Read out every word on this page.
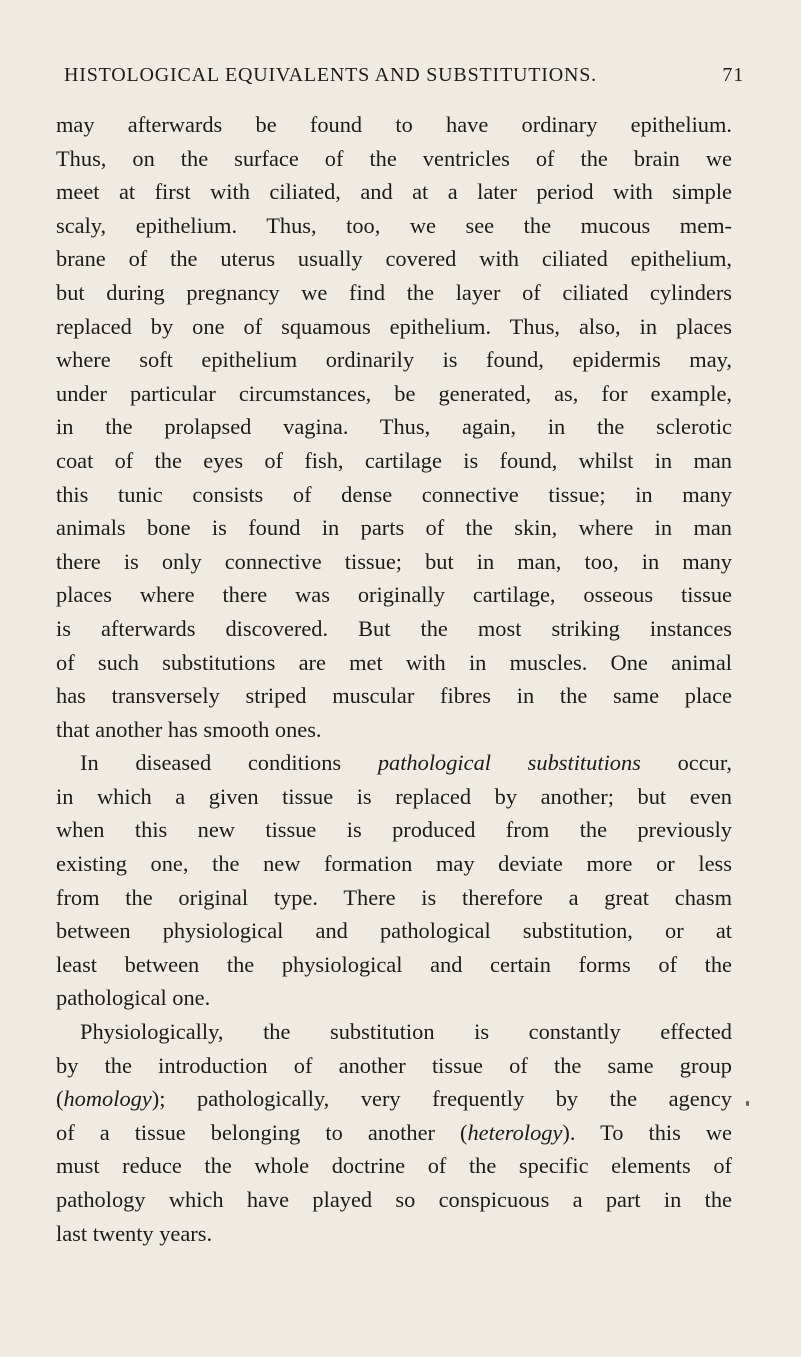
HISTOLOGICAL EQUIVALENTS AND SUBSTITUTIONS.	71
may afterwards be found to have ordinary epithelium.
Thus, on the surface of the ventricles of the brain we
meet at first with ciliated, and at a later period with simple
scaly, epithelium. Thus, too, we see the mucous mem-
brane of the uterus usually covered with ciliated epithelium,
but during pregnancy we find the layer of ciliated cylinders
replaced by one of squamous epithelium. Thus, also, in places
where soft epithelium ordinarily is found, epidermis may,
under particular circumstances, be generated, as, for example,
in the prolapsed vagina. Thus, again, in the sclerotic
coat of the eyes of fish, cartilage is found, whilst in man
this tunic consists of dense connective tissue; in many
animals bone is found in parts of the skin, where in man
there is only connective tissue; but in man, too, in many
places where there was originally cartilage, osseous tissue
is afterwards discovered. But the most striking instances
of such substitutions are met with in muscles. One animal
has transversely striped muscular fibres in the same place
that another has smooth ones.
In diseased conditions pathological substitutions occur,
in which a given tissue is replaced by another; but even
when this new tissue is produced from the previously
existing one, the new formation may deviate more or less
from the original type. There is therefore a great chasm
between physiological and pathological substitution, or at
least between the physiological and certain forms of the
pathological one.
Physiologically, the substitution is constantly effected
by the introduction of another tissue of the same group
(homology); pathologically, very frequently by the agency
of a tissue belonging to another (heterology). To this we
must reduce the whole doctrine of the specific elements of
pathology which have played so conspicuous a part in the
last twenty years.
